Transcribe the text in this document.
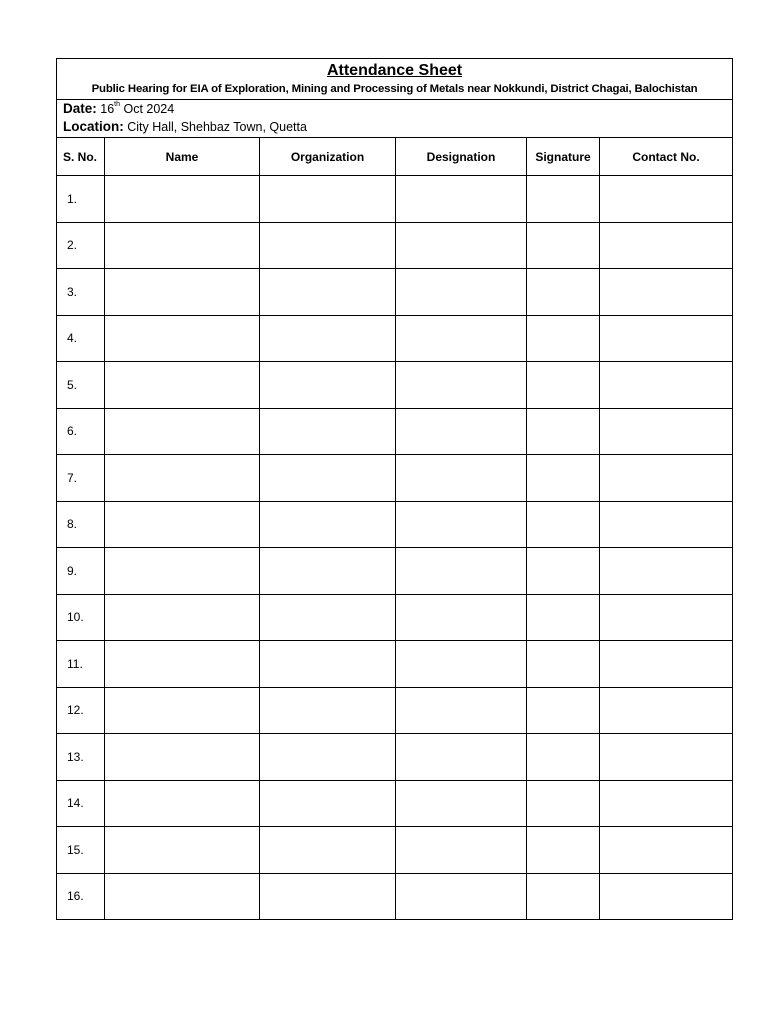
Attendance Sheet
Public Hearing for EIA of Exploration, Mining and Processing of Metals near Nokkundi, District Chagai, Balochistan					

Date: 16th Oct 2024
Location: City Hall, Shehbaz Town, Quetta					

S. No.	Name	Organization	Designation	Signature	Contact No.
1.					
2.					
3.					
4.					
5.					
6.					
7.					
8.					
9.					
10.					
11.					
12.					
13.					
14.					
15.					
16.					
